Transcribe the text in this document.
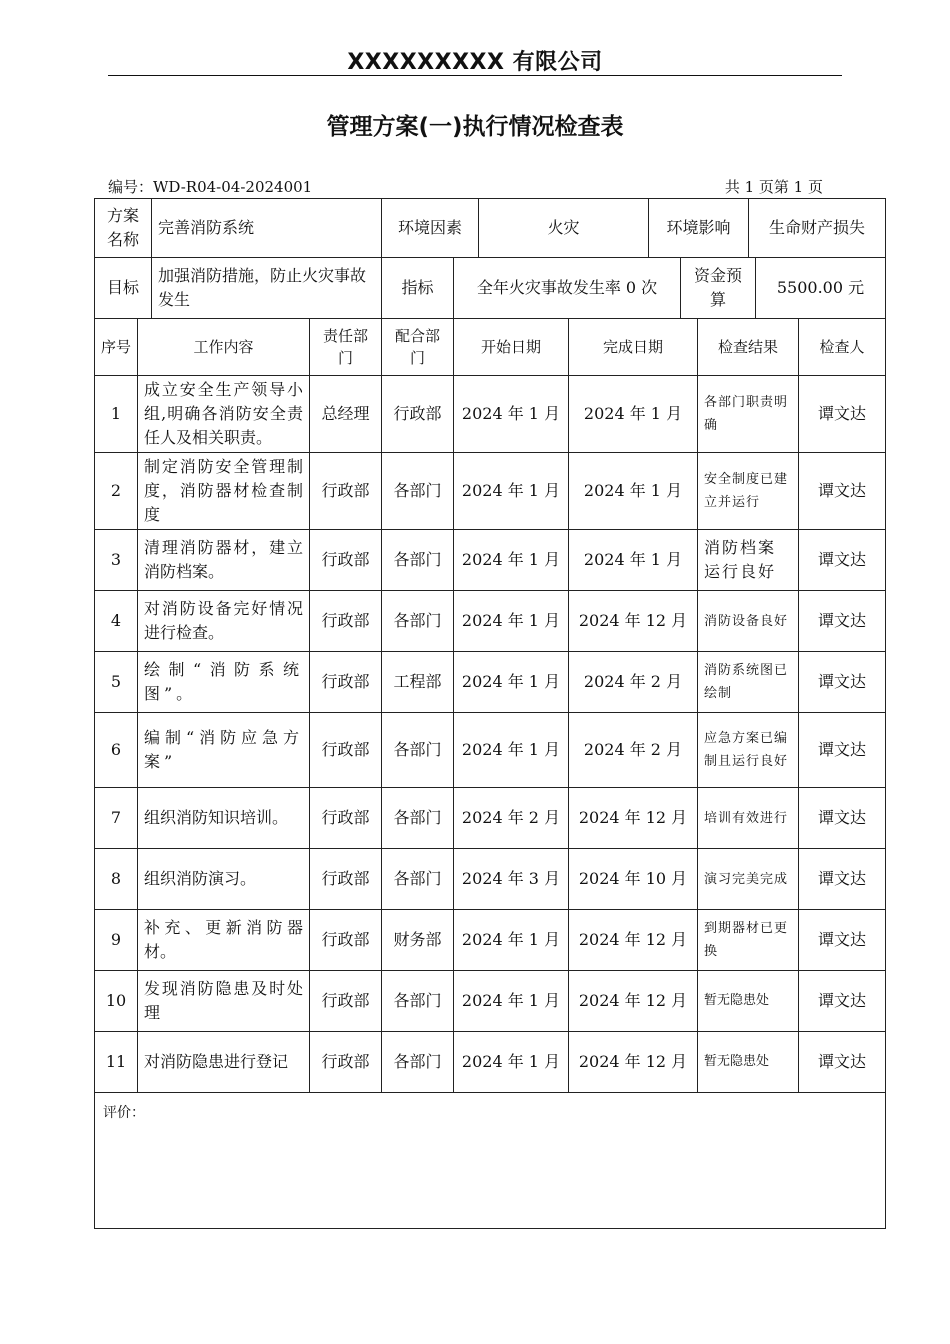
XXXXXXXXX 有限公司
管理方案(一)执行情况检查表
编号：WD-R04-04-2024001	共 1 页第 1 页
方案名称	完善消防系统	环境因素	火灾	环境影响	生命财产损失
目标	加强消防措施，防止火灾事故发生	指标	全年火灾事故发生率 0 次	资金预算	5500.00 元
序号	工作内容	责任部门	配合部门	开始日期	完成日期	检查结果	检查人
1	成立安全生产领导小组,明确各消防安全责任人及相关职责。	总经理	行政部	2024 年 1 月	2024 年 1 月	各部门职责明确	谭文达
2	制定消防安全管理制度，消防器材检查制度	行政部	各部门	2024 年 1 月	2024 年 1 月	安全制度已建立并运行	谭文达
3	清理消防器材，建立消防档案。	行政部	各部门	2024 年 1 月	2024 年 1 月	消防档案运行良好	谭文达
4	对消防设备完好情况进行检查。	行政部	各部门	2024 年 1 月	2024 年 12 月	消防设备良好	谭文达
5	绘制“消防系统图”。	行政部	工程部	2024 年 1 月	2024 年 2 月	消防系统图已绘制	谭文达
6	编制“消防应急方案”	行政部	各部门	2024 年 1 月	2024 年 2 月	应急方案已编制且运行良好	谭文达
7	组织消防知识培训。	行政部	各部门	2024 年 2 月	2024 年 12 月	培训有效进行	谭文达
8	组织消防演习。	行政部	各部门	2024 年 3 月	2024 年 10 月	演习完美完成	谭文达
9	补充、更新消防器材。	行政部	财务部	2024 年 1 月	2024 年 12 月	到期器材已更换	谭文达
10	发现消防隐患及时处理	行政部	各部门	2024 年 1 月	2024 年 12 月	暂无隐患处	谭文达
11	对消防隐患进行登记	行政部	各部门	2024 年 1 月	2024 年 12 月	暂无隐患处	谭文达
评价：							
